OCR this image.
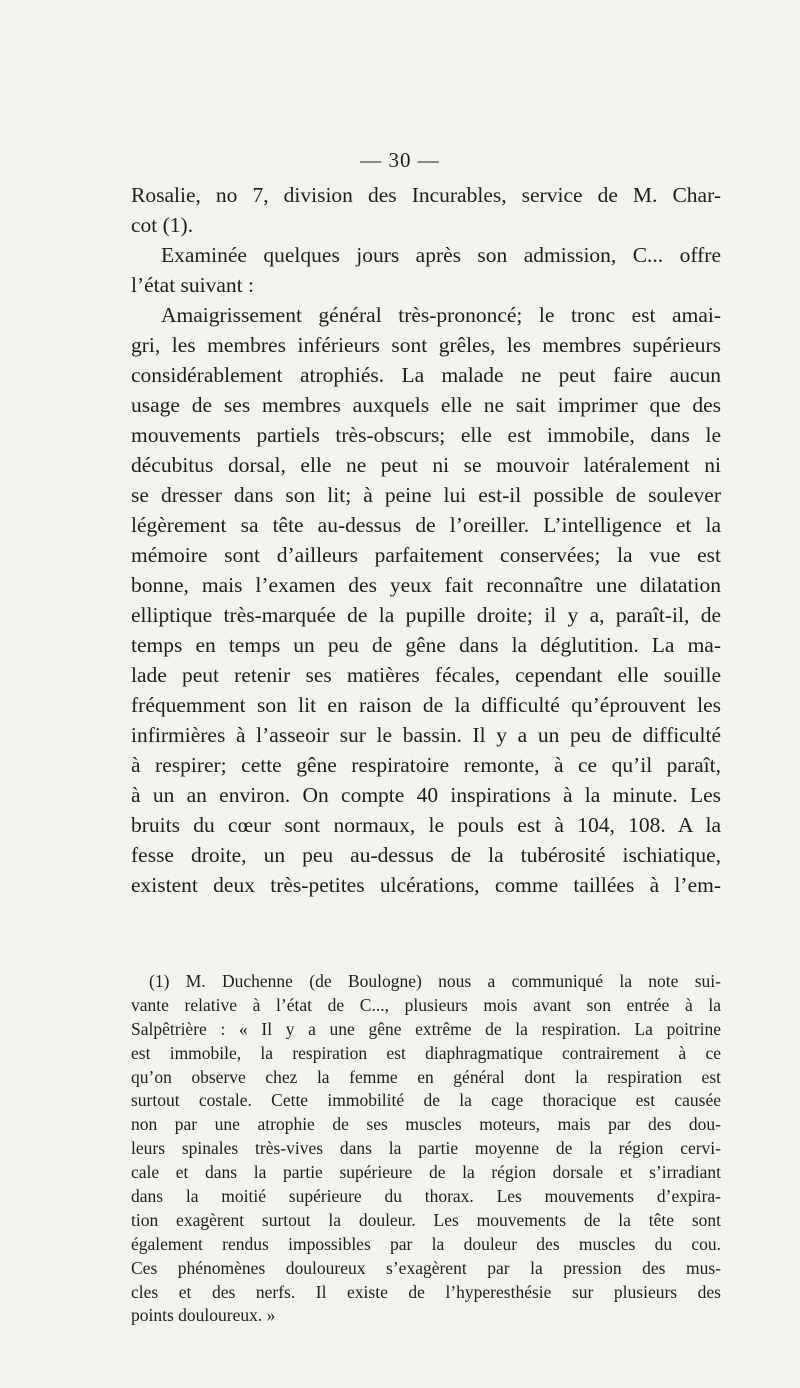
— 30 —
Rosalie, no 7, division des Incurables, service de M. Char-
cot (1).
Examinée quelques jours après son admission, C... offre
l’état suivant :
Amaigrissement général très-prononcé; le tronc est amai-
gri, les membres inférieurs sont grêles, les membres supérieurs
considérablement atrophiés. La malade ne peut faire aucun
usage de ses membres auxquels elle ne sait imprimer que des
mouvements partiels très-obscurs; elle est immobile, dans le
décubitus dorsal, elle ne peut ni se mouvoir latéralement ni
se dresser dans son lit; à peine lui est-il possible de soulever
légèrement sa tête au-dessus de l’oreiller. L’intelligence et la
mémoire sont d’ailleurs parfaitement conservées; la vue est
bonne, mais l’examen des yeux fait reconnaître une dilatation
elliptique très-marquée de la pupille droite; il y a, paraît-il, de
temps en temps un peu de gêne dans la déglutition. La ma-
lade peut retenir ses matières fécales, cependant elle souille
fréquemment son lit en raison de la difficulté qu’éprouvent les
infirmières à l’asseoir sur le bassin. Il y a un peu de difficulté
à respirer; cette gêne respiratoire remonte, à ce qu’il paraît,
à un an environ. On compte 40 inspirations à la minute. Les
bruits du cœur sont normaux, le pouls est à 104, 108. A la
fesse droite, un peu au-dessus de la tubérosité ischiatique,
existent deux très-petites ulcérations, comme taillées à l’em-
(1) M. Duchenne (de Boulogne) nous a communiqué la note sui-
vante relative à l’état de C..., plusieurs mois avant son entrée à la
Salpêtrière : « Il y a une gêne extrême de la respiration. La poitrine
est immobile, la respiration est diaphragmatique contrairement à ce
qu’on observe chez la femme en général dont la respiration est
surtout costale. Cette immobilité de la cage thoracique est causée
non par une atrophie de ses muscles moteurs, mais par des dou-
leurs spinales très-vives dans la partie moyenne de la région cervi-
cale et dans la partie supérieure de la région dorsale et s’irradiant
dans la moitié supérieure du thorax. Les mouvements d’expira-
tion exagèrent surtout la douleur. Les mouvements de la tête sont
également rendus impossibles par la douleur des muscles du cou.
Ces phénomènes douloureux s’exagèrent par la pression des mus-
cles et des nerfs. Il existe de l’hyperesthésie sur plusieurs des
points douloureux. »
